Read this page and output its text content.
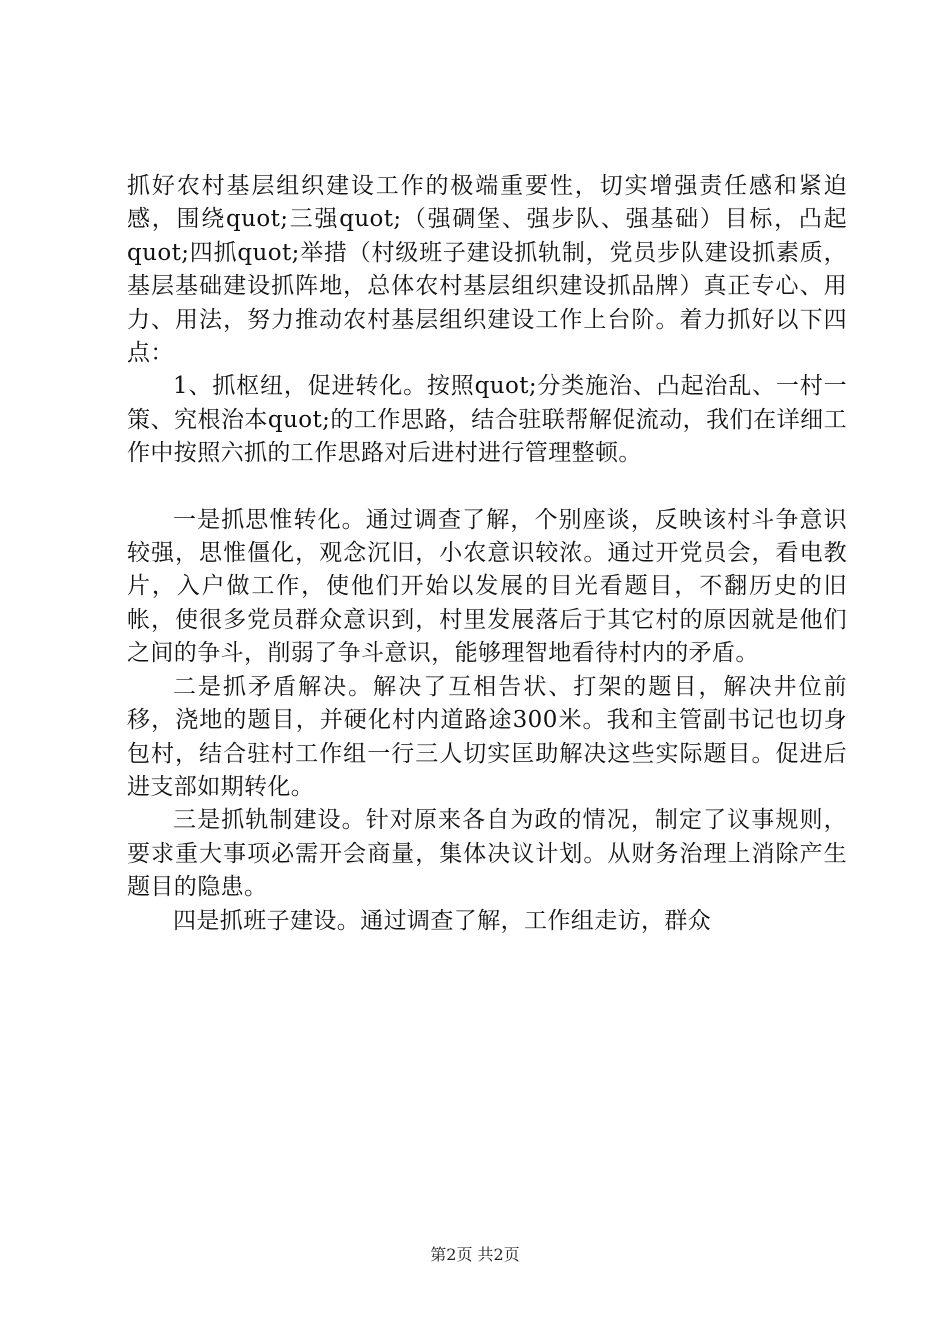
抓好农村基层组织建设工作的极端重要性，切实增强责任感和紧迫感，围绕quot;三强quot;（强碉堡、强步队、强基础）目标，凸起quot;四抓quot;举措（村级班子建设抓轨制，党员步队建设抓素质，基层基础建设抓阵地，总体农村基层组织建设抓品牌）真正专心、用力、用法，努力推动农村基层组织建设工作上台阶。着力抓好以下四点：

1、抓枢纽，促进转化。按照quot;分类施治、凸起治乱、一村一策、究根治本quot;的工作思路，结合驻联帮解促流动，我们在详细工作中按照六抓的工作思路对后进村进行管理整顿。

一是抓思惟转化。通过调查了解，个别座谈，反映该村斗争意识较强，思惟僵化，观念沉旧，小农意识较浓。通过开党员会，看电教片，入户做工作，使他们开始以发展的目光看题目，不翻历史的旧帐，使很多党员群众意识到，村里发展落后于其它村的原因就是他们之间的争斗，削弱了争斗意识，能够理智地看待村内的矛盾。

二是抓矛盾解决。解决了互相告状、打架的题目，解决井位前移，浇地的题目，并硬化村内道路途300米。我和主管副书记也切身包村，结合驻村工作组一行三人切实匡助解决这些实际题目。促进后进支部如期转化。

三是抓轨制建设。针对原来各自为政的情况，制定了议事规则，要求重大事项必需开会商量，集体决议计划。从财务治理上消除产生题目的隐患。

四是抓班子建设。通过调查了解，工作组走访，群众

第2页 共2页
